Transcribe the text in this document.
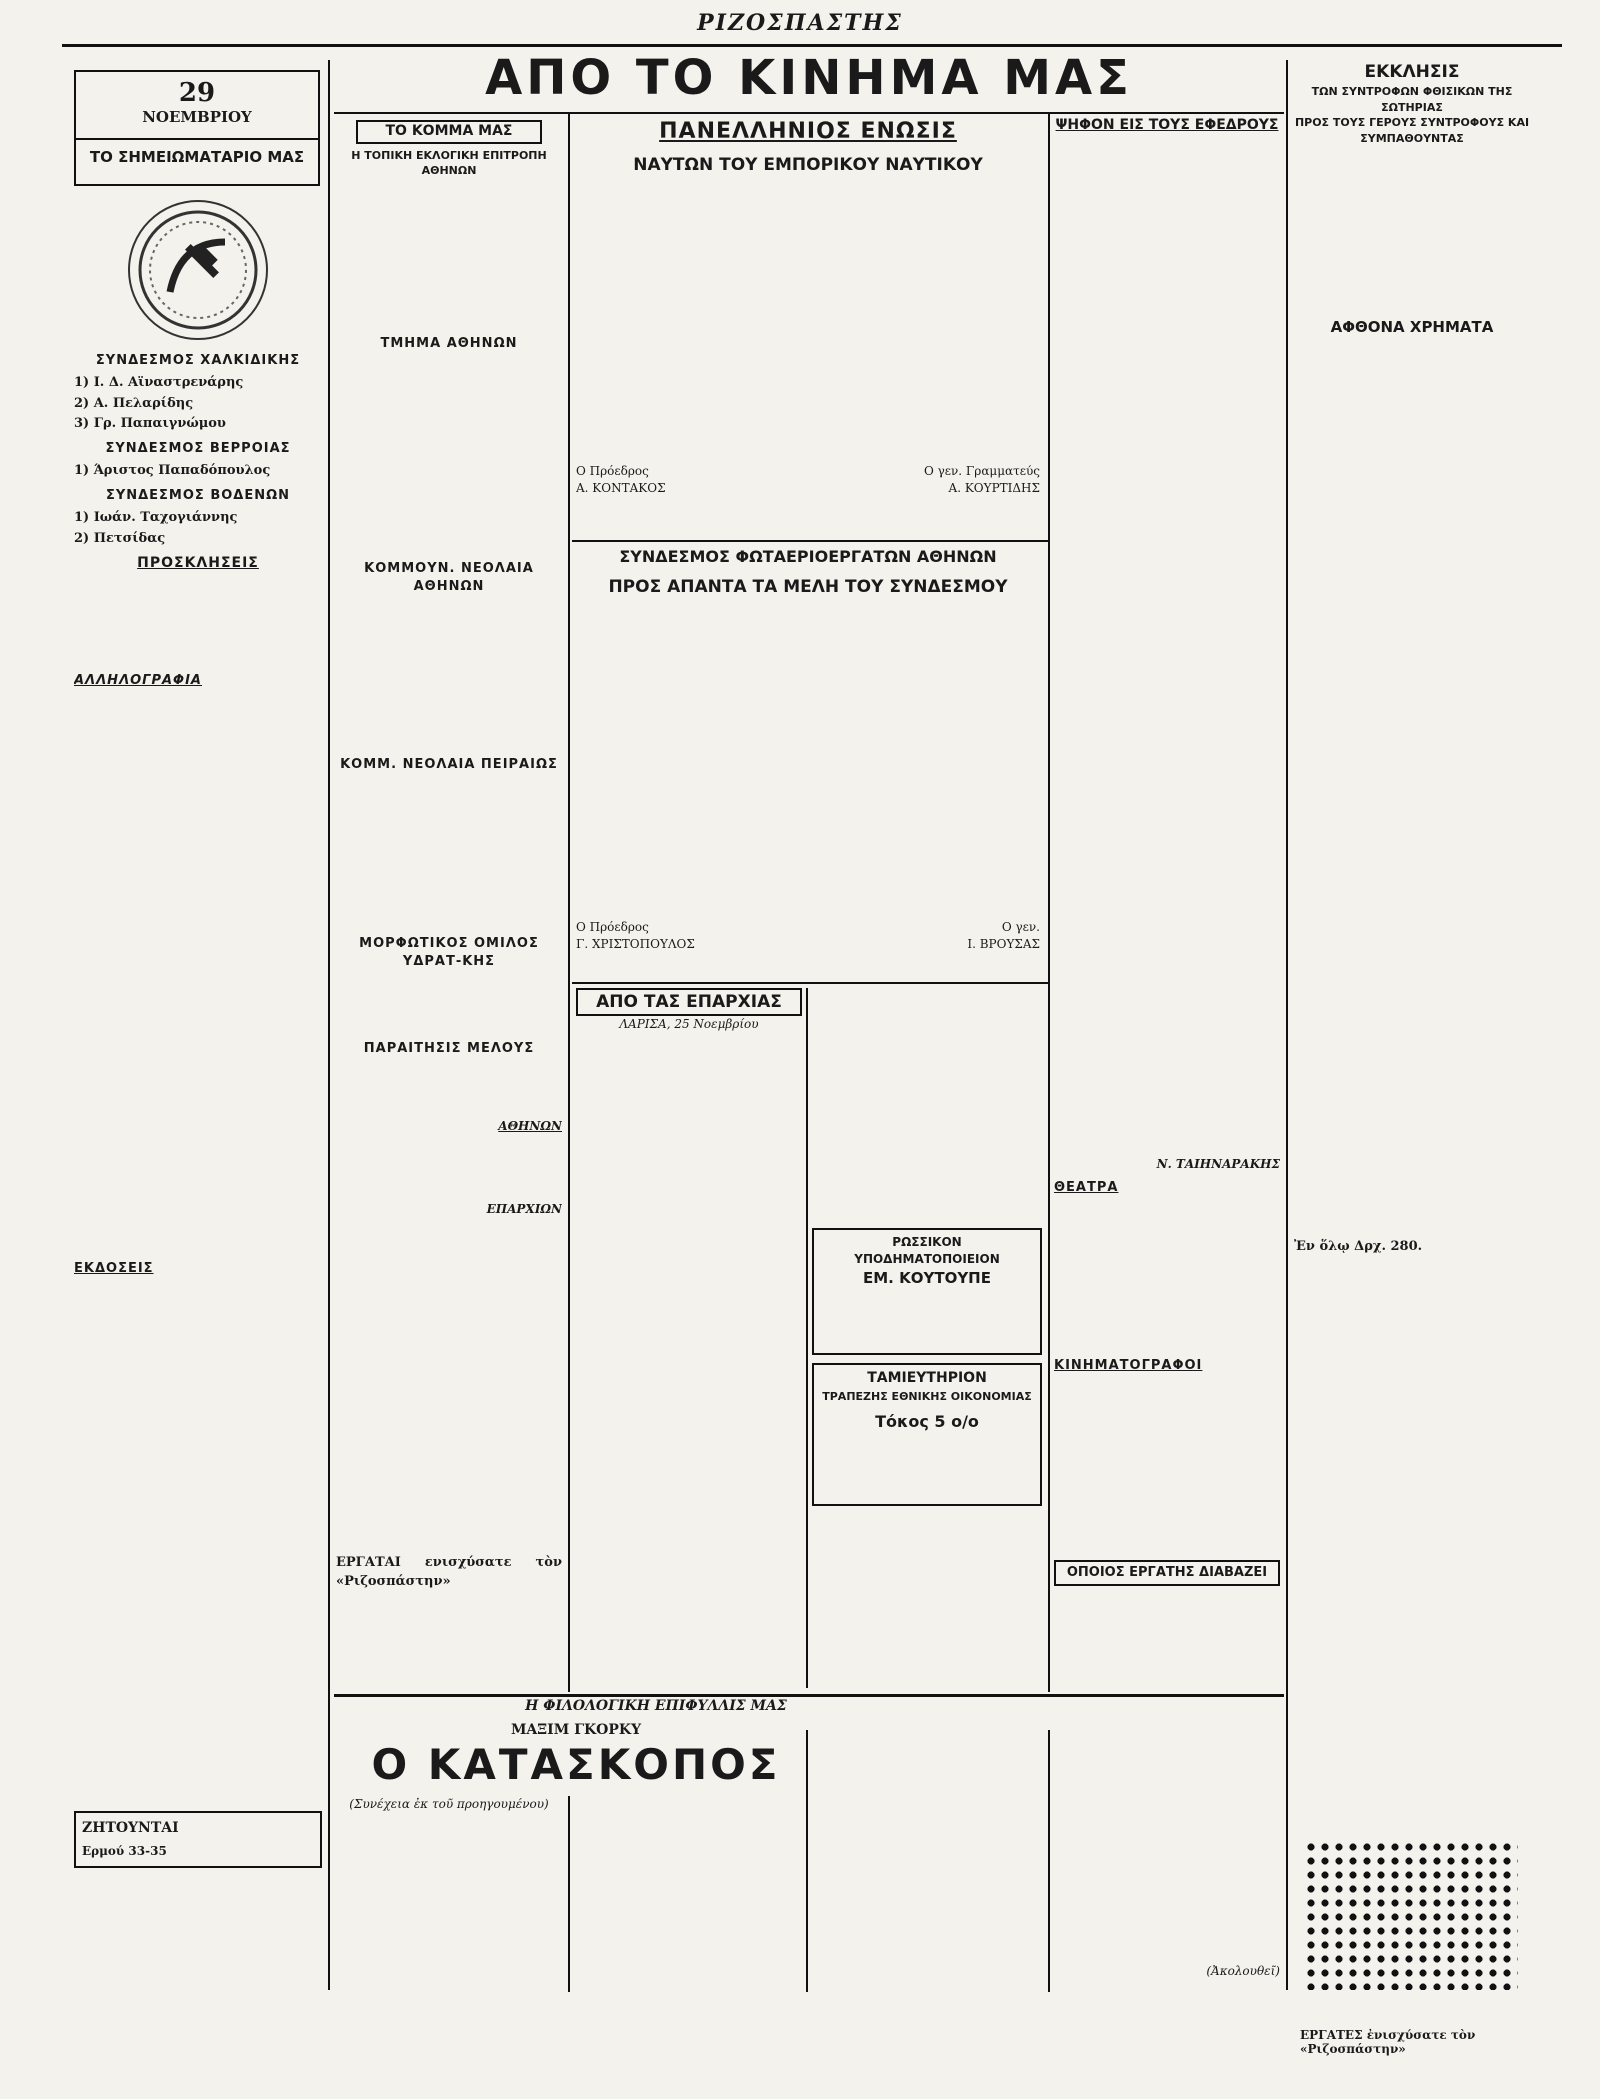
ΡΙΖΟΣΠΑΣΤΗΣ
29
ΝΟΕΜΒΡΙΟΥ
ΤΟ ΣΗΜΕΙΩΜΑΤΑΡΙΟ ΜΑΣ
ΣΥΝΔΕΣΜΟΣ ΧΑΛΚΙΔΙΚΗΣ
1) Ι. Δ. Αϊναστρενάρης
2) Α. Πελαρίδης
3) Γρ. Παπαιγνώμου
ΣΥΝΔΕΣΜΟΣ ΒΕΡΡΟΙΑΣ
1) Άριστος Παπαδόπουλος
ΣΥΝΔΕΣΜΟΣ ΒΟΔΕΝΩΝ
1) Ιωάν. Ταχογιάννης
2) Πετσίδας
ΠΡΟΣΚΛΗΣΕΙΣ
ΑΛΛΗΛΟΓΡΑΦΙΑ
ΕΚΔΟΣΕΙΣ
ΖΗΤΟΥΝΤΑΙ
Ερμού 33-35
ΑΠΟ ΤΟ ΚΙΝΗΜΑ ΜΑΣ
ΤΟ ΚΟΜΜΑ ΜΑΣ
Η ΤΟΠΙΚΗ ΕΚΛΟΓΙΚΗ ΕΠΙΤΡΟΠΗ ΑΘΗΝΩΝ
ΤΜΗΜΑ ΑΘΗΝΩΝ
ΚΟΜΜΟΥΝ. ΝΕΟΛΑΙΑ ΑΘΗΝΩΝ
ΚΟΜΜ. ΝΕΟΛΑΙΑ ΠΕΙΡΑΙΩΣ
ΜΟΡΦΩΤΙΚΟΣ ΟΜΙΛΟΣ ΥΔΡΑΤ-ΚΗΣ
ΠΑΡΑΙΤΗΣΙΣ ΜΕΛΟΥΣ
ΑΘΗΝΩΝ
ΕΠΑΡΧΙΩΝ
ΕΡΓΑΤΑΙ ενισχύσατε τὸν «Ριζοσπάστην»
ΠΑΝΕΛΛΗΝΙΟΣ ΕΝΩΣΙΣ
ΝΑΥΤΩΝ ΤΟΥ ΕΜΠΟΡΙΚΟΥ ΝΑΥΤΙΚΟΥ
Ο Πρόεδρος	Ο γεν. Γραμματεύς
Α. ΚΟΝΤΑΚΟΣ	Α. ΚΟΥΡΤΙΔΗΣ
ΨΗΦΟΝ ΕΙΣ ΤΟΥΣ ΕΦΕΔΡΟΥΣ
Ν. ΤΑΙΗΝΑΡΑΚΗΣ
ΘΕΑΤΡΑ
ΚΙΝΗΜΑΤΟΓΡΑΦΟΙ
ΟΠΟΙΟΣ ΕΡΓΑΤΗΣ ΔΙΑΒΑΖΕΙ
ΣΥΝΔΕΣΜΟΣ ΦΩΤΑΕΡΙΟΕΡΓΑΤΩΝ ΑΘΗΝΩΝ
ΠΡΟΣ ΑΠΑΝΤΑ ΤΑ ΜΕΛΗ ΤΟΥ ΣΥΝΔΕΣΜΟΥ
Ο Πρόεδρος	Ο γεν.
Γ. ΧΡΙΣΤΟΠΟΥΛΟΣ	Ι. ΒΡΟΥΣΑΣ
ΑΠΟ ΤΑΣ ΕΠΑΡΧΙΑΣ
ΛΑΡΙΣΑ, 25 Νοεμβρίου
ΡΩΣΣΙΚΟΝ ΥΠΟΔΗΜΑΤΟΠΟΙΕΙΟΝ
ΕΜ. ΚΟΥΤΟΥΠΕ
ΤΑΜΙΕΥΤΗΡΙΟΝ
ΤΡΑΠΕΖΗΣ ΕΘΝΙΚΗΣ ΟΙΚΟΝΟΜΙΑΣ
Τόκος 5 ο/ο
ΕΚΚΛΗΣΙΣ
ΤΩΝ ΣΥΝΤΡΟΦΩΝ ΦΘΙΣΙΚΩΝ ΤΗΣ ΣΩΤΗΡΙΑΣ
ΠΡΟΣ ΤΟΥΣ ΓΕΡΟΥΣ ΣΥΝΤΡΟΦΟΥΣ ΚΑΙ ΣΥΜΠΑΘΟΥΝΤΑΣ
ΑΦΘΟΝΑ ΧΡΗΜΑΤΑ
Ἐν ὅλῳ Δρχ. 280.
ΕΡΓΑΤΕΣ ἐνισχύσατε τὸν «Ριζοσπάστην»
Η ΦΙΛΟΛΟΓΙΚΗ ΕΠΙΦΥΛΛΙΣ ΜΑΣ
ΜΑΞΙΜ ΓΚΟΡΚΥ
Ο ΚΑΤΑΣΚΟΠΟΣ
(Συνέχεια ἐκ τοῦ προηγουμένου)
(Ἀκολουθεῖ)
